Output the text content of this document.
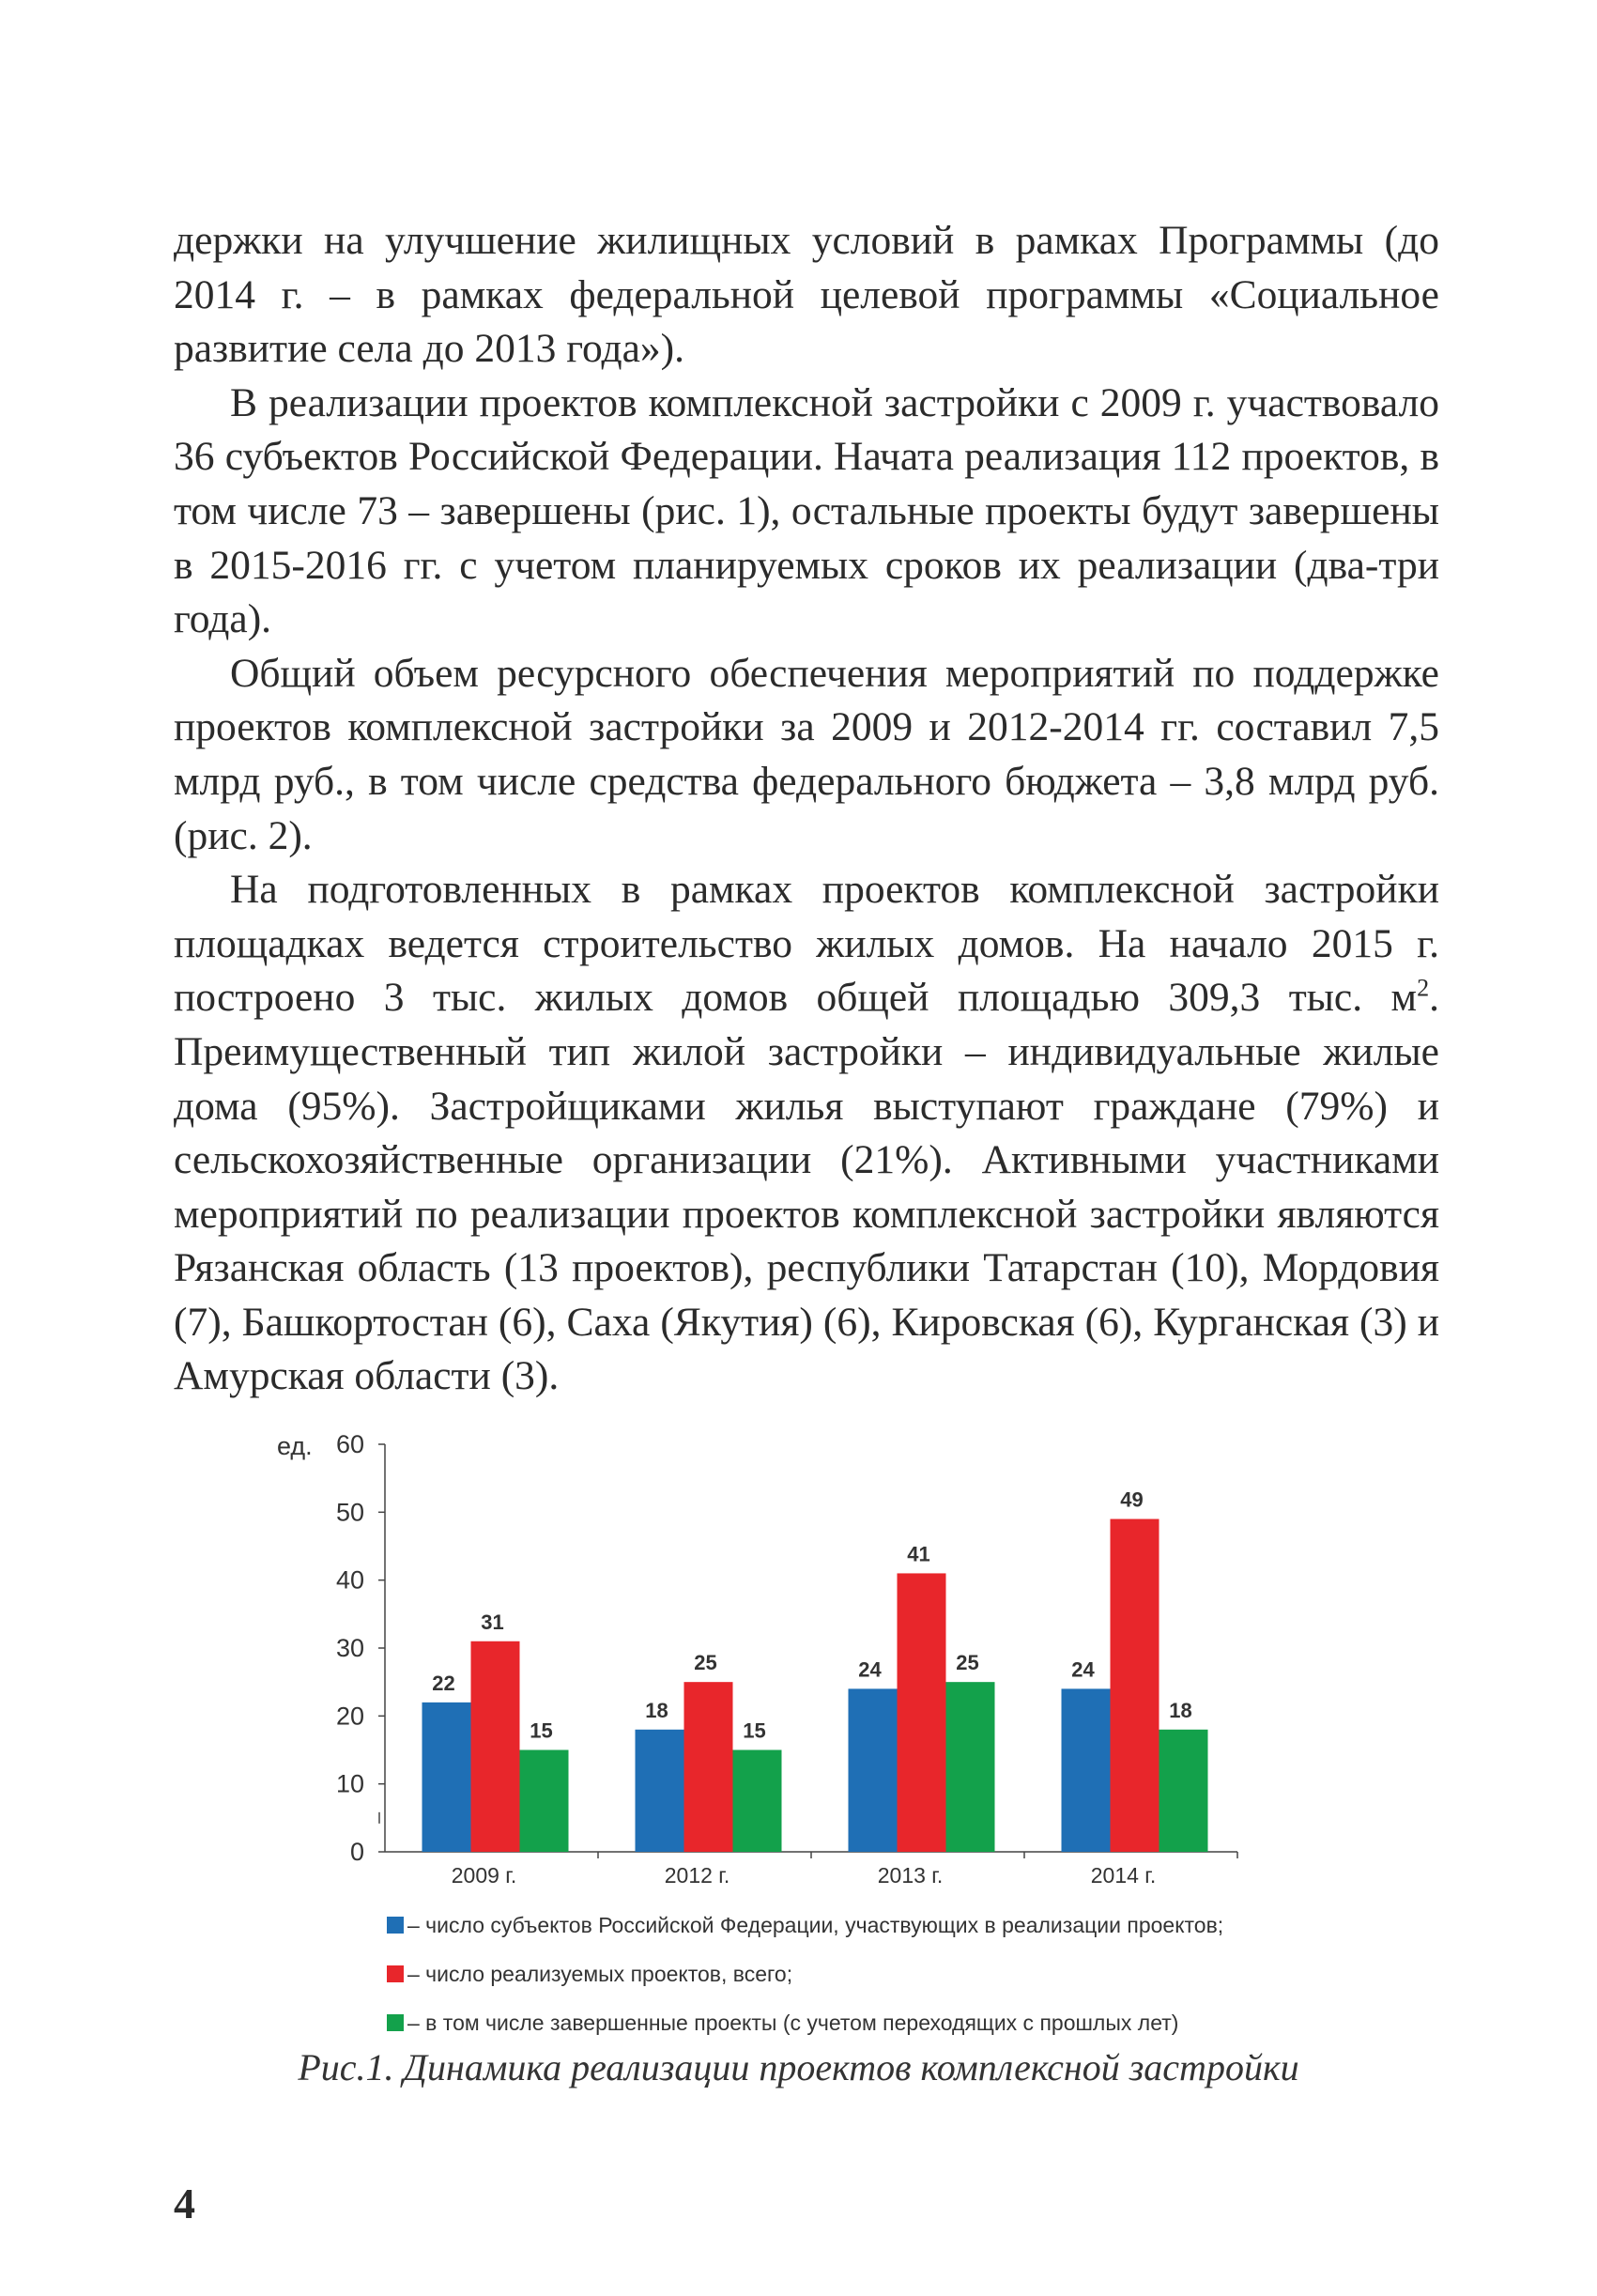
держки на улучшение жилищных условий в рамках Программы (до 2014 г. – в рамках федеральной целевой программы «Социальное развитие села до 2013 года»).

В реализации проектов комплексной застройки с 2009 г. участвовало 36 субъектов Российской Федерации. Начата реализация 112 проектов, в том числе 73 – завершены (рис. 1), остальные проекты будут завершены в 2015-2016 гг. с учетом планируемых сроков их реализации (два-три года).

Общий объем ресурсного обеспечения мероприятий по поддержке проектов комплексной застройки за 2009 и 2012-2014 гг. составил 7,5 млрд руб., в том числе средства федерального бюджета – 3,8 млрд руб. (рис. 2).

На подготовленных в рамках проектов комплексной застройки площадках ведется строительство жилых домов. На начало 2015 г. построено 3 тыс. жилых домов общей площадью 309,3 тыс. $м^2$. Преимущественный тип жилой застройки – индивидуальные жилые дома (95%). Застройщиками жилья выступают граждане (79%) и сельскохозяйственные организации (21%). Активными участниками мероприятий по реализации проектов комплексной застройки являются Рязанская область (13 проектов), республики Татарстан (10), Мордовия (7), Башкортостан (6), Саха (Якутия) (6), Кировская (6), Курганская (3) и Амурская области (3).

ед.
0
10
20
30
40
50
60
22
31
15
18
25
15
24
41
25	24
49
18
2009 г.	2012 г.	2013 г.	2014 г.
– число субъектов Российской Федерации, участвующих в реализации проектов;
– число реализуемых проектов, всего;
– в том числе завершенные проекты (с учетом переходящих с прошлых лет)
Рис.1. Динамика реализации проектов комплексной застройки
4
